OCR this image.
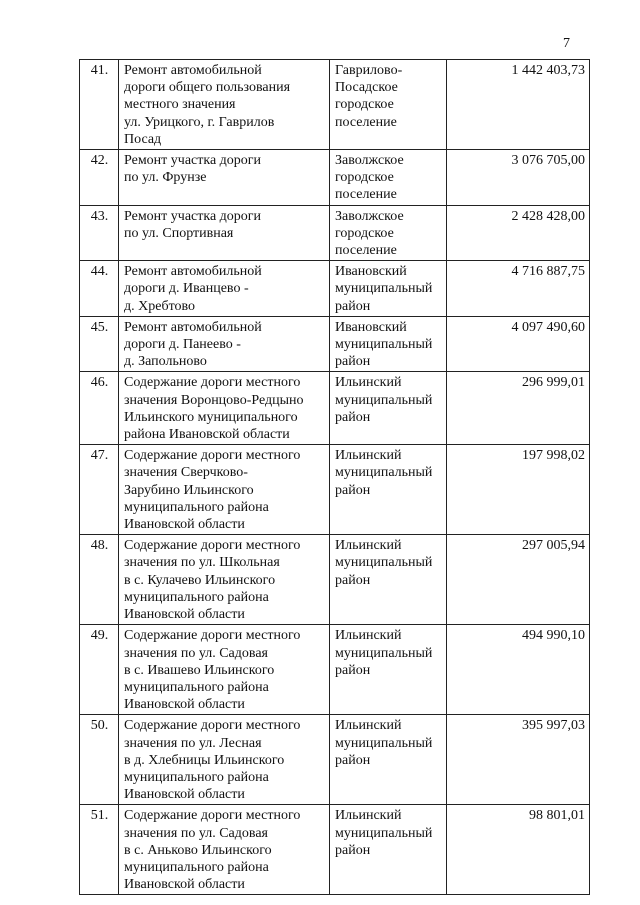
7
41.	Ремонт автомобильной
дороги общего пользования
местного значения
ул. Урицкого, г. Гаврилов
Посад	Гаврилово-
Посадское
городское
поселение	1 442 403,73
42.	Ремонт участка дороги
по ул. Фрунзе	Заволжское
городское
поселение	3 076 705,00
43.	Ремонт участка дороги
по ул. Спортивная	Заволжское
городское
поселение	2 428 428,00
44.	Ремонт автомобильной
дороги д. Иванцево -
д. Хребтово	Ивановский
муниципальный
район	4 716 887,75
45.	Ремонт автомобильной
дороги д. Панеево -
д. Запольново	Ивановский
муниципальный
район	4 097 490,60
46.	Содержание дороги местного
значения Воронцово-Редцыно
Ильинского муниципального
района Ивановской области	Ильинский
муниципальный
район	296 999,01
47.	Содержание дороги местного
значения Сверчково-
Зарубино Ильинского
муниципального района
Ивановской области	Ильинский
муниципальный
район	197 998,02
48.	Содержание дороги местного
значения по ул. Школьная
в с. Кулачево Ильинского
муниципального района
Ивановской области	Ильинский
муниципальный
район	297 005,94
49.	Содержание дороги местного
значения по ул. Садовая
в с. Ивашево Ильинского
муниципального района
Ивановской области	Ильинский
муниципальный
район	494 990,10
50.	Содержание дороги местного
значения по ул. Лесная
в д. Хлебницы Ильинского
муниципального района
Ивановской области	Ильинский
муниципальный
район	395 997,03
51.	Содержание дороги местного
значения по ул. Садовая
в с. Аньково Ильинского
муниципального района
Ивановской области	Ильинский
муниципальный
район	98 801,01
